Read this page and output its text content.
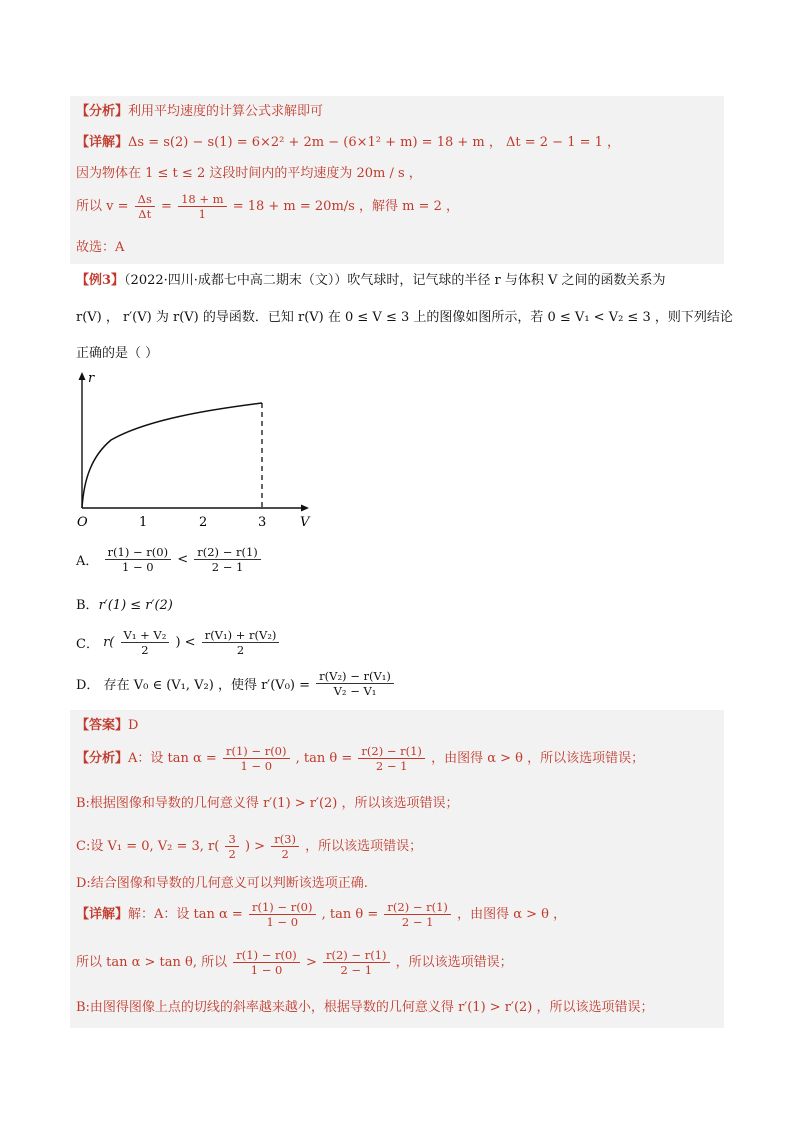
【分析】利用平均速度的计算公式求解即可
【详解】Δs = s(2) − s(1) = 6×2² + 2m − (6×1² + m) = 18 + m ， Δt = 2 − 1 = 1 ，
因为物体在 1 ≤ t ≤ 2 这段时间内的平均速度为 20m / s ，
所以 $v = \frac{\Delta s}{\Delta t} = \frac{18 + m}{1} = 18 + m = 20m/s$ ，解得 m = 2 ，
故选：A
【例3】（2022·四川·成都七中高二期末（文））吹气球时，记气球的半径 r 与体积 V 之间的函数关系为
r(V) ， r′(V) 为 r(V) 的导函数．已知 r(V) 在 0 ≤ V ≤ 3 上的图像如图所示，若 0 ≤ V₁ < V₂ ≤ 3 ，则下列结论
正确的是（ ）
r
V
O	1	2	3
A． $\frac{r(1) - r(0)}{1 - 0} < \frac{r(2) - r(1)}{2 - 1}$
B．r′(1) ≤ r′(2)
C． $r( \frac{\text{V₁ + V₂}}{2}$ ) < $\frac{\text{r(V₁) + r(V₂)}}{2}$
D． 存在 V₀ ∈ (V₁, V₂) ，使得 $r'(V_0) = \frac{\text{r(V₂) − r(V₁)}}{\text{V₂ − V₁}}$
【答案】D
【分析】A：设 $\tan \alpha = \frac{r(1) - r(0)}{1 - 0}$ , $\tan \theta = \frac{r(2) - r(1)}{2 - 1}$ ，由图得 α > θ ，所以该选项错误；
B:根据图像和导数的几何意义得 r′(1) > r′(2) ，所以该选项错误；
C:设 V₁ = 0, V₂ = 3, $r( \frac{3}{2}$ ) > $\frac{r(3)}{2}$ ，所以该选项错误；
D:结合图像和导数的几何意义可以判断该选项正确.
【详解】解：A：设 $\tan \alpha = \frac{r(1) - r(0)}{1 - 0}$ , $\tan \theta = \frac{r(2) - r(1)}{2 - 1}$ ，由图得 α > θ ，
所以 tan α > tan θ, 所以 $\frac{r(1) - r(0)}{1 - 0} > \frac{r(2) - r(1)}{2 - 1}$ ，所以该选项错误；
B:由图得图像上点的切线的斜率越来越小，根据导数的几何意义得 r′(1) > r′(2) ，所以该选项错误；
